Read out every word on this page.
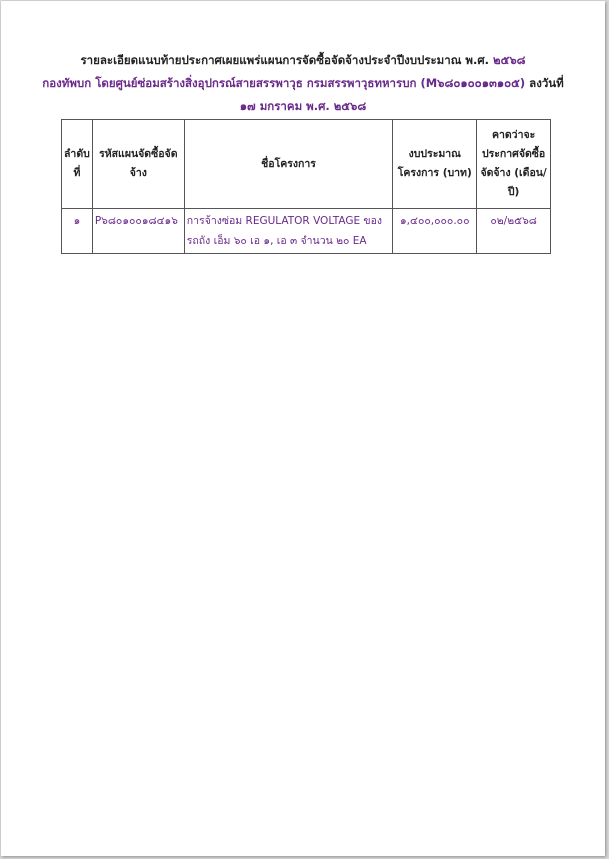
รายละเอียดแนบท้ายประกาศเผยแพร่แผนการจัดซื้อจัดจ้างประจำปีงบประมาณ พ.ศ. ๒๕๖๘
กองทัพบก โดยศูนย์ซ่อมสร้างสิ่งอุปกรณ์สายสรรพาวุธ กรมสรรพาวุธทหารบก (M๖๘๐๑๐๐๑๓๑๐๕) ลงวันที่
๑๗ มกราคม พ.ศ. ๒๕๖๘
ลำดับที่	รหัสแผนจัดซื้อจัดจ้าง	ชื่อโครงการ	งบประมาณโครงการ (บาท)	คาดว่าจะประกาศจัดซื้อจัดจ้าง (เดือน/ปี)
๑	P๖๘๐๑๐๐๑๘๔๑๖	การจ้างซ่อม REGULATOR VOLTAGE ของ รถถัง เอ็ม ๖๐ เอ ๑, เอ ๓ จำนวน ๒๐ EA	๑,๔๐๐,๐๐๐.๐๐	๐๒/๒๕๖๘
